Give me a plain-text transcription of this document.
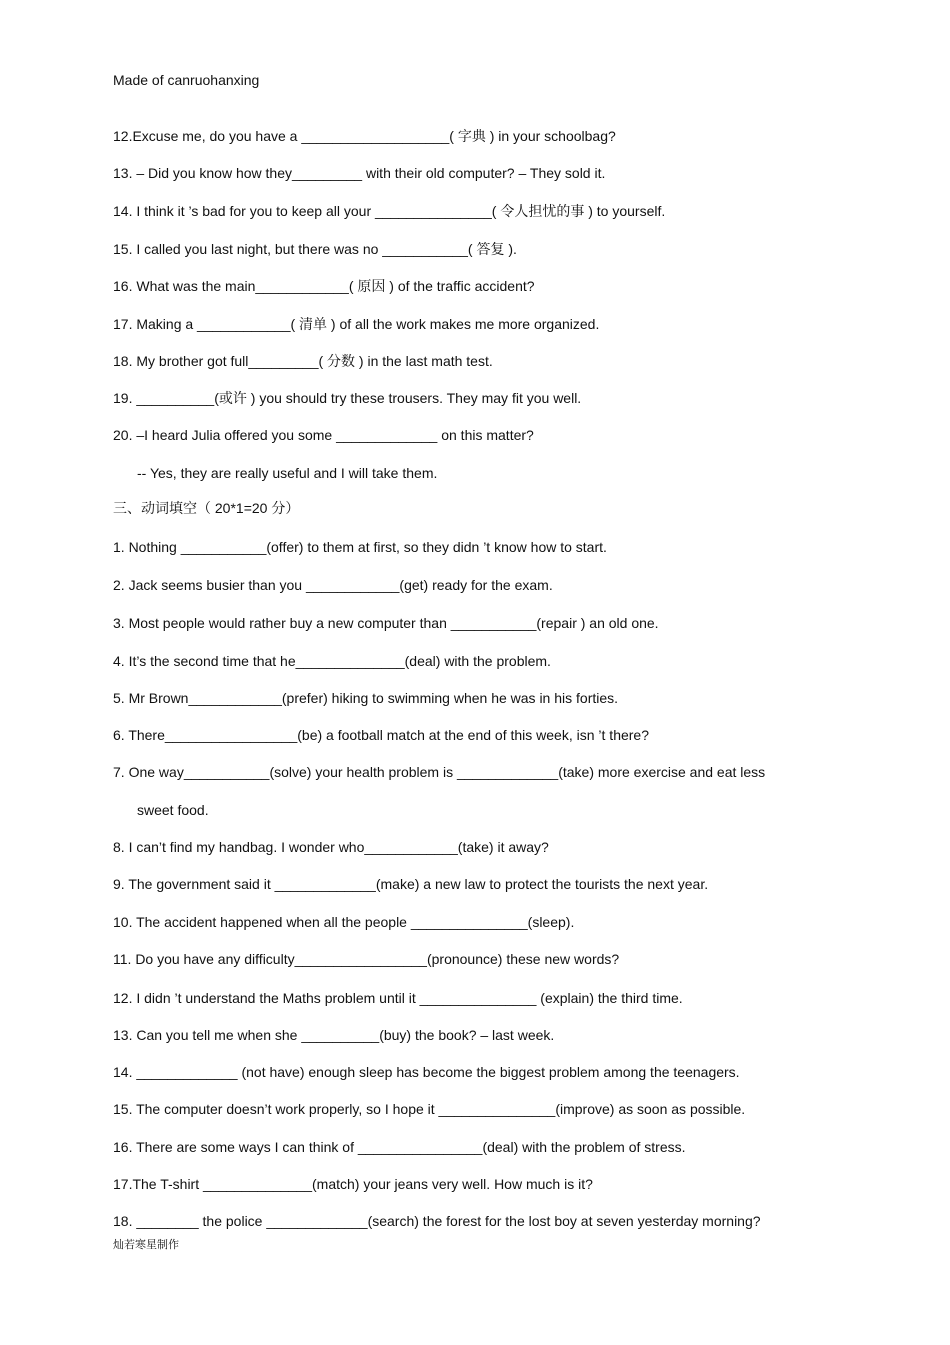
Made of canruohanxing
12.Excuse me, do you have a ___________________( 字典 ) in your schoolbag?
13. – Did you know how they_________ with their old computer? – They sold it.
14. I think it ’s bad for you to keep all your _______________( 令人担忧的事 ) to yourself.
15. I called you last night, but there was no ___________( 答复 ).
16. What was the main____________( 原因 ) of the traffic accident?
17. Making a ____________( 清单 ) of all the work makes me more organized.
18. My brother got full_________( 分数 ) in the last math test.
19. __________(或许 ) you should try these trousers. They may fit you well.
20. –I heard Julia offered you some _____________ on this matter?
-- Yes, they are really useful and I will take them.
三、动词填空（ 20*1=20 分）
1. Nothing ___________(offer) to them at first, so they didn ’t know how to start.
2. Jack seems busier than you ____________(get) ready for the exam.
3. Most people would rather buy a new computer than ___________(repair ) an old one.
4. It’s the second time that he______________(deal) with the problem.
5. Mr Brown____________(prefer) hiking to swimming when he was in his forties.
6. There_________________(be) a football match at the end of this week, isn ’t there?
7. One way___________(solve) your health problem is _____________(take) more exercise and eat less
sweet food.
8. I can’t find my handbag. I wonder who____________(take) it away?
9. The government said it _____________(make) a new law to protect the tourists the next year.
10. The accident happened when all the people _______________(sleep).
11. Do you have any difficulty_________________(pronounce) these new words?
12. I didn ’t understand the Maths problem until it _______________ (explain) the third time.
13. Can you tell me when she __________(buy) the book? – last week.
14. _____________ (not have) enough sleep has become the biggest problem among the teenagers.
15. The computer doesn’t work properly, so I hope it _______________(improve) as soon as possible.
16. There are some ways I can think of ________________(deal) with the problem of stress.
17.The T-shirt ______________(match) your jeans very well. How much is it?
18. ________ the police _____________(search) the forest for the lost boy at seven yesterday morning?
灿若寒星制作
